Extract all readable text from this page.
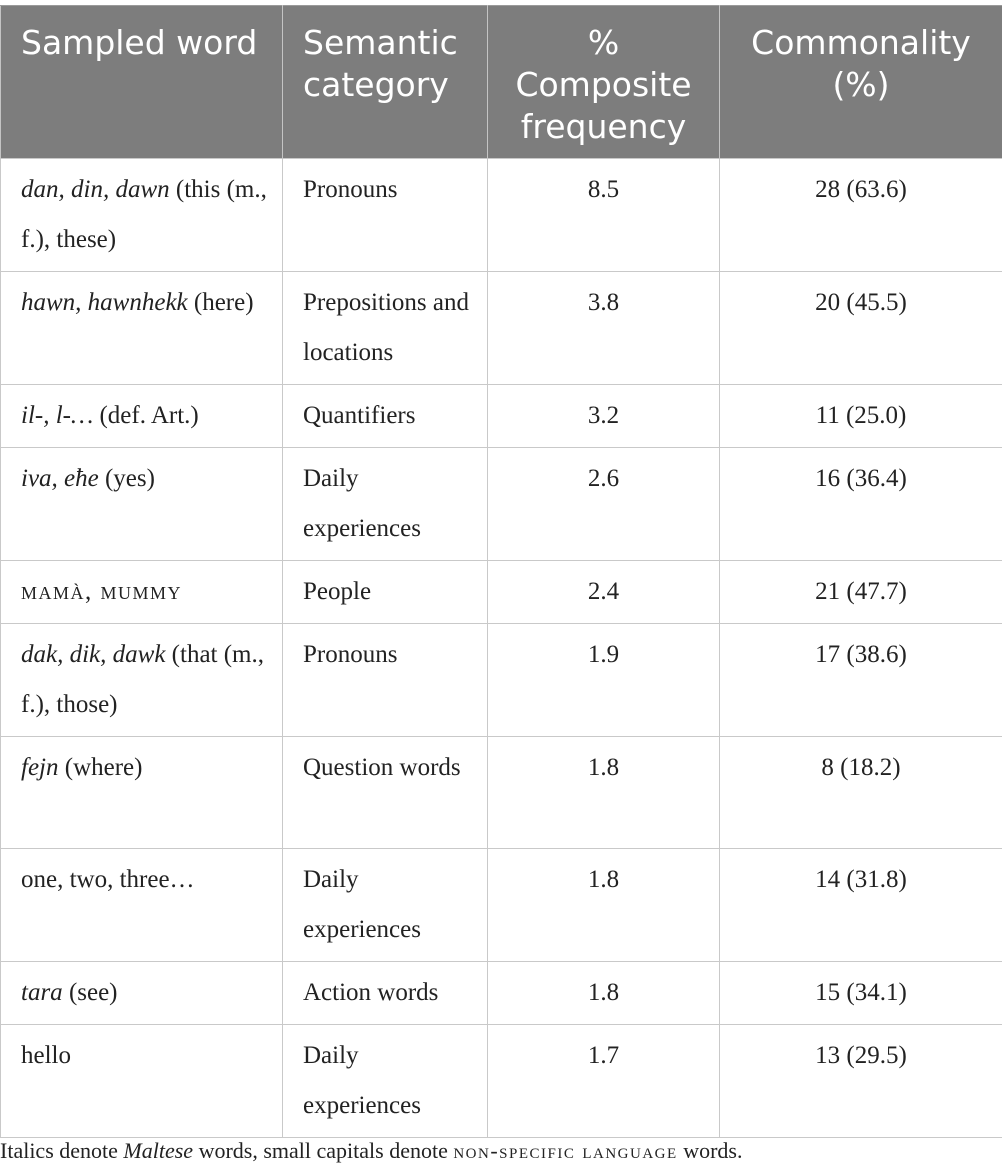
Sampled word	Semantic category	% Composite frequency	Commonality (%)
dan, din, dawn (this (m., f.), these)	Pronouns	8.5	28 (63.6)
hawn, hawnhekk (here)	Prepositions and locations	3.8	20 (45.5)
il-, l-… (def. Art.)	Quantifiers	3.2	11 (25.0)
iva, eħe (yes)	Daily experiences	2.6	16 (36.4)
mamà, mummy	People	2.4	21 (47.7)
dak, dik, dawk (that (m., f.), those)	Pronouns	1.9	17 (38.6)
fejn (where)	Question words	1.8	8 (18.2)
one, two, three…	Daily experiences	1.8	14 (31.8)
tara (see)	Action words	1.8	15 (34.1)
hello	Daily experiences	1.7	13 (29.5)
Italics denote Maltese words, small capitals denote non-specific language words.
